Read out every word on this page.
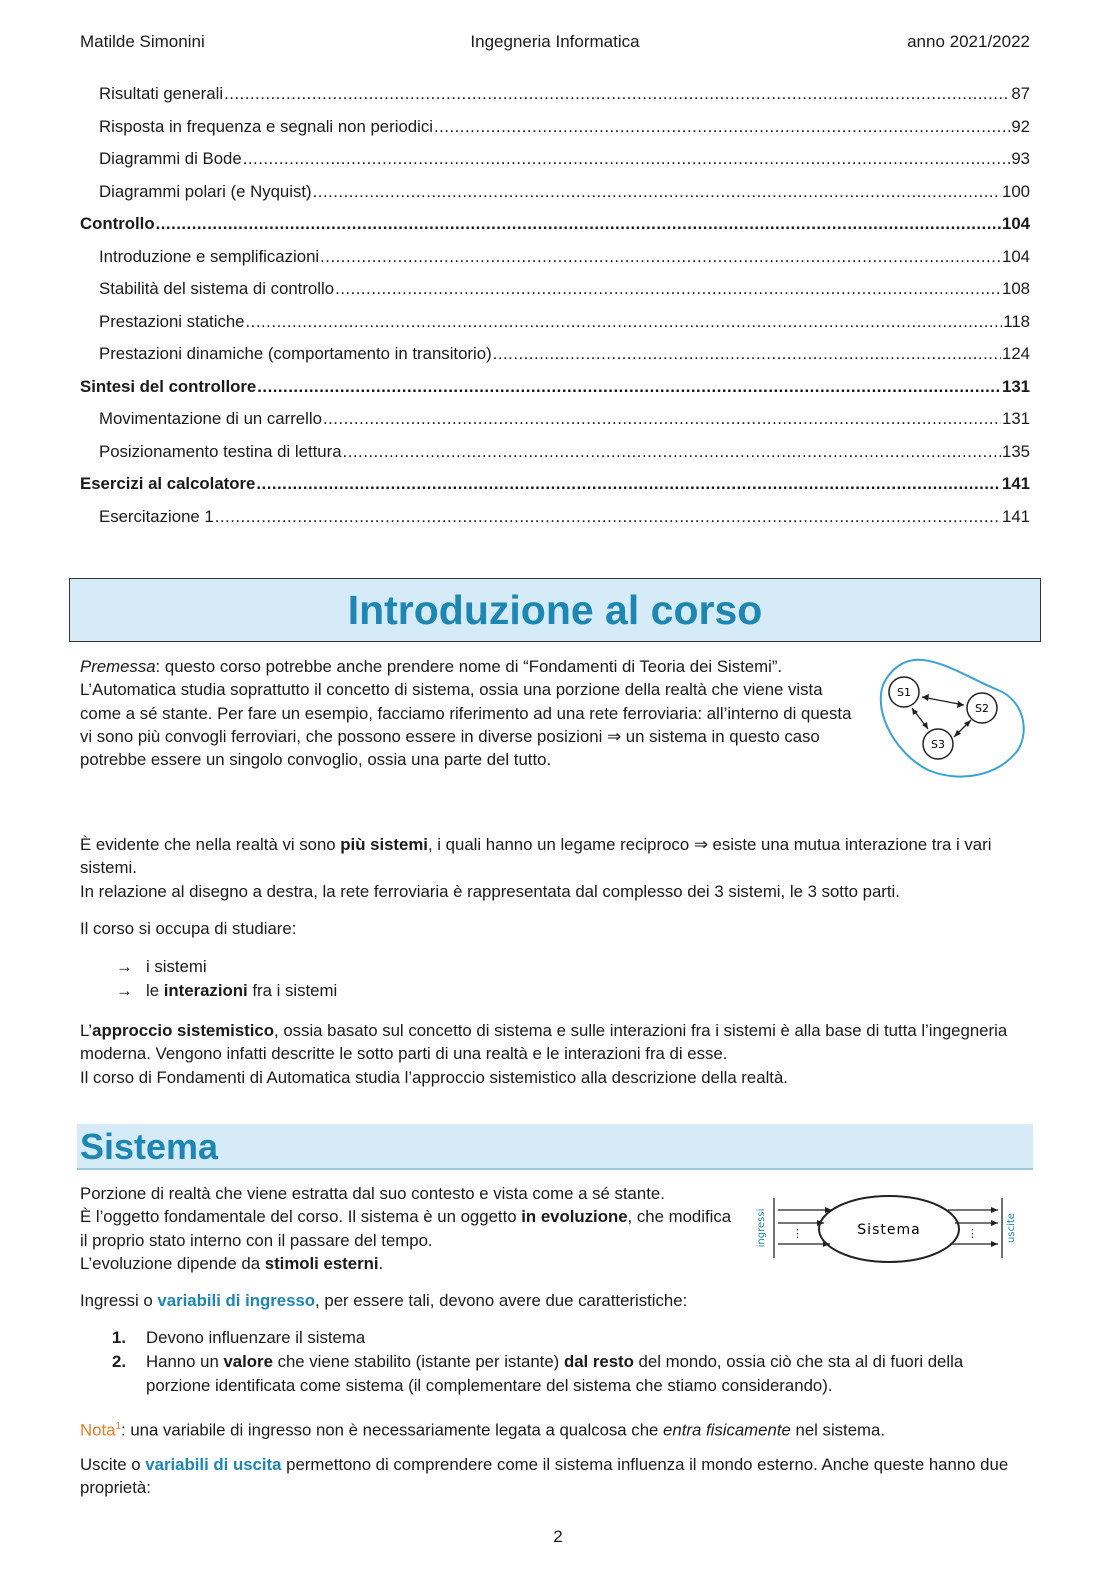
Matilde Simonini	Ingegneria Informatica	anno 2021/2022
Risultati generali .....	87
Risposta in frequenza e segnali non periodici .....	92
Diagrammi di Bode .....	93
Diagrammi polari (e Nyquist) .....	100
Controllo .....	104
Introduzione e semplificazioni .....	104
Stabilità del sistema di controllo .....	108
Prestazioni statiche .....	118
Prestazioni dinamiche (comportamento in transitorio) .....	124
Sintesi del controllore .....	131
Movimentazione di un carrello .....	131
Posizionamento testina di lettura .....	135
Esercizi al calcolatore .....	141
Esercitazione 1 .....	141
Introduzione al corso
Premessa: questo corso potrebbe anche prendere nome di “Fondamenti di Teoria dei Sistemi”.
L’Automatica studia soprattutto il concetto di sistema, ossia una porzione della realtà che viene vista come a sé stante. Per fare un esempio, facciamo riferimento ad una rete ferroviaria: all’interno di questa vi sono più convogli ferroviari, che possono essere in diverse posizioni ⇒ un sistema in questo caso potrebbe essere un singolo convoglio, ossia una parte del tutto.
S1
S2
S3
È evidente che nella realtà vi sono più sistemi, i quali hanno un legame reciproco ⇒ esiste una mutua interazione tra i vari sistemi.
In relazione al disegno a destra, la rete ferroviaria è rappresentata dal complesso dei 3 sistemi, le 3 sotto parti.
Il corso si occupa di studiare:
→ i sistemi
→ le interazioni fra i sistemi
L’approccio sistemistico, ossia basato sul concetto di sistema e sulle interazioni fra i sistemi è alla base di tutta l’ingegneria moderna. Vengono infatti descritte le sotto parti di una realtà e le interazioni fra di esse.
Il corso di Fondamenti di Automatica studia l’approccio sistemistico alla descrizione della realtà.
Sistema
Porzione di realtà che viene estratta dal suo contesto e vista come a sé stante.
È l’oggetto fondamentale del corso. Il sistema è un oggetto in evoluzione, che modifica il proprio stato interno con il passare del tempo.
L’evoluzione dipende da stimoli esterni.
⋮	⋮
Sistema
ingressi	uscite
Ingressi o variabili di ingresso, per essere tali, devono avere due caratteristiche:
1.	Devono influenzare il sistema
2.	Hanno un valore che viene stabilito (istante per istante) dal resto del mondo, ossia ciò che sta al di fuori della porzione identificata come sistema (il complementare del sistema che stiamo considerando).
Nota$^1$: una variabile di ingresso non è necessariamente legata a qualcosa che entra fisicamente nel sistema.
Uscite o variabili di uscita permettono di comprendere come il sistema influenza il mondo esterno. Anche queste hanno due proprietà:
2
